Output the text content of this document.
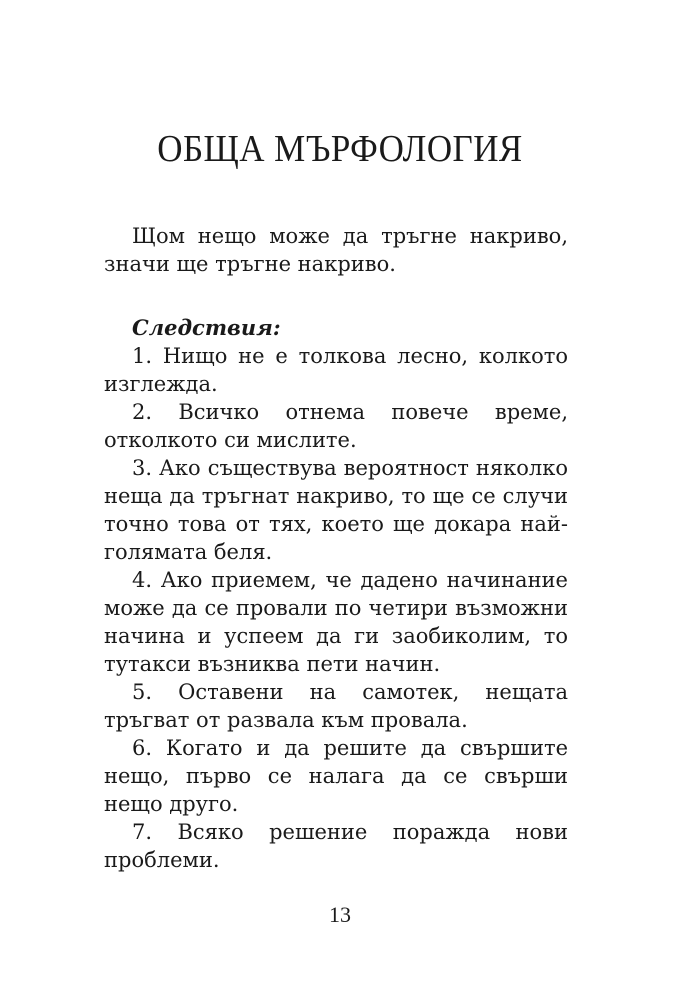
ОБЩА МЪРФОЛОГИЯ

Щом нещо може да тръгне накриво, значи ще тръгне накриво.

Следствия:

1. Нищо не е толкова лесно, колкото изглежда.

2. Всичко отнема повече време, отколкото си мислите.

3. Ако съществува вероятност няколко неща да тръгнат накриво, то ще се случи точно това от тях, което ще докара най-голямата беля.

4. Ако приемем, че дадено начинание може да се провали по четири възможни начина и успеем да ги заобиколим, то тутакси възниква пети начин.

5. Оставени на самотек, нещата тръгват от развала към провала.

6. Когато и да решите да свършите нещо, първо се налага да се свърши нещо друго.

7. Всяко решение поражда нови проблеми.

13
